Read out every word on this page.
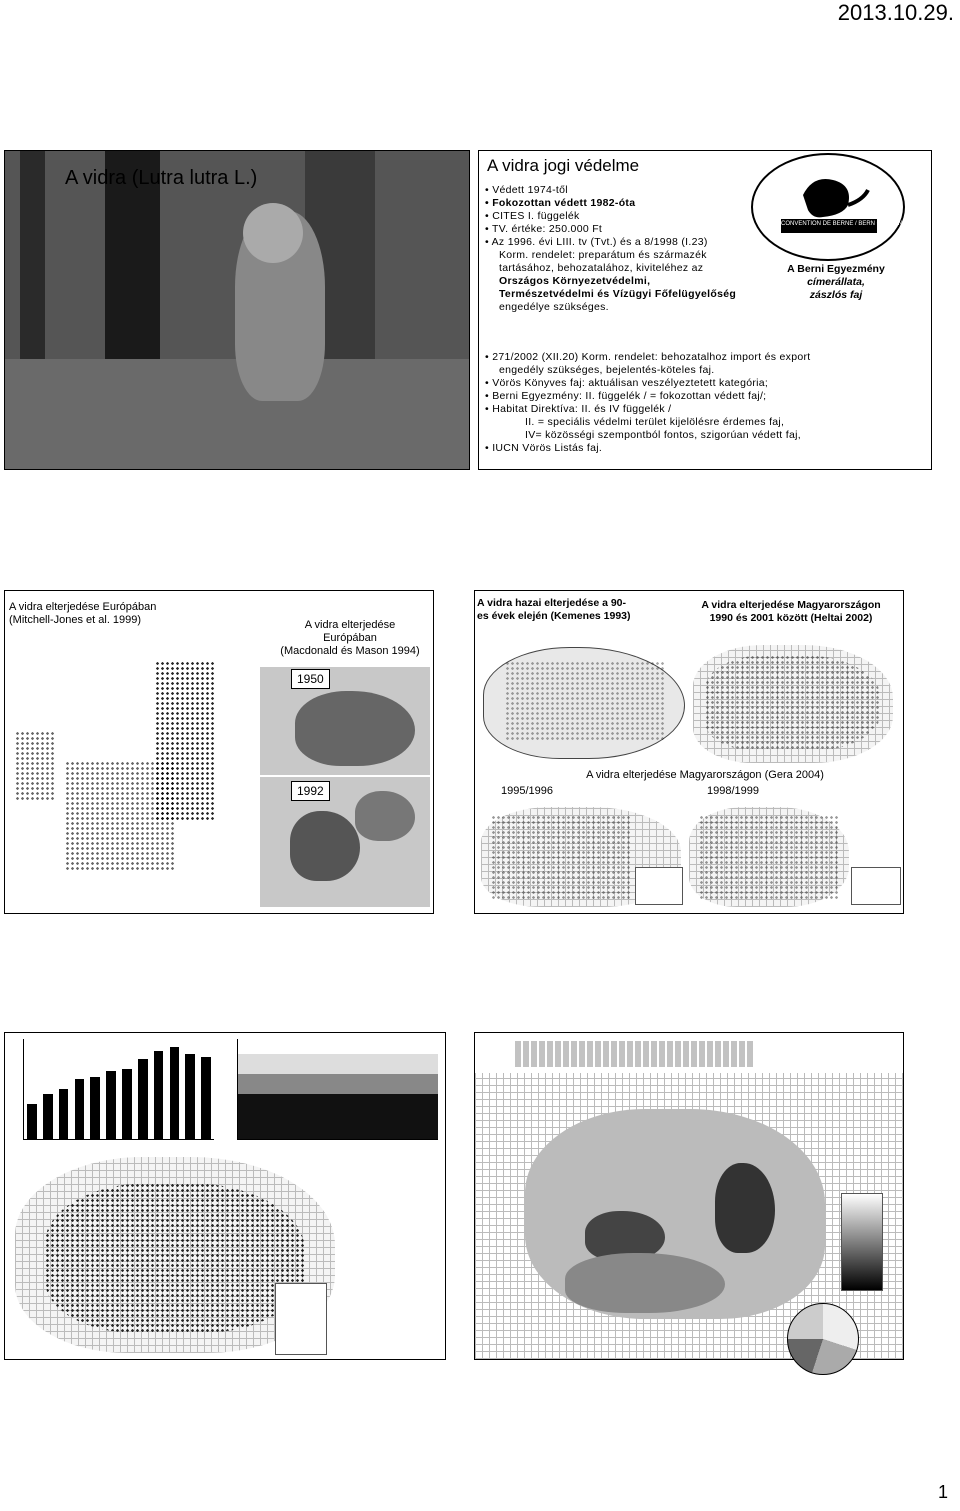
2013.10.29.
A vidra (Lutra lutra L.)
A vidra jogi védelme
• Védett 1974-től
• Fokozottan védett 1982-óta
• CITES I. függelék
• TV. értéke: 250.000 Ft
• Az 1996. évi LIII. tv (Tvt.) és a 8/1998 (I.23)
Korm. rendelet: preparátum és származék
tartásához, behozatalához, kiviteléhez az
Országos Környezetvédelmi,
Természetvédelmi és Vízügyi Főfelügyelőség
engedélye szükséges.
CONVENTION DE BERNE / BERN CONVENTION
A Berni Egyezmény
címerállata,
zászlós faj
• 271/2002 (XII.20) Korm. rendelet: behozatalhoz import és export
engedély szükséges, bejelentés-köteles faj.
• Vörös Könyves faj: aktuálisan veszélyeztetett kategória;
• Berni Egyezmény: II. függelék / = fokozottan védett faj/;
• Habitat Direktíva: II. és IV függelék /
II. = speciális védelmi terület kijelölésre érdemes faj,
IV= közösségi szempontból fontos, szigorúan védett faj,
• IUCN Vörös Listás faj.
A vidra elterjedése Európában
(Mitchell-Jones et al. 1999)	A vidra elterjedése
Európában
(Macdonald és Mason 1994)
1950
1992
A vidra hazai elterjedése a 90-
es évek elején (Kemenes 1993)
A vidra elterjedése Magyarországon
1990 és 2001 között (Heltai 2002)
A vidra elterjedése Magyarországon (Gera 2004)
1995/1996	1998/1999
1
